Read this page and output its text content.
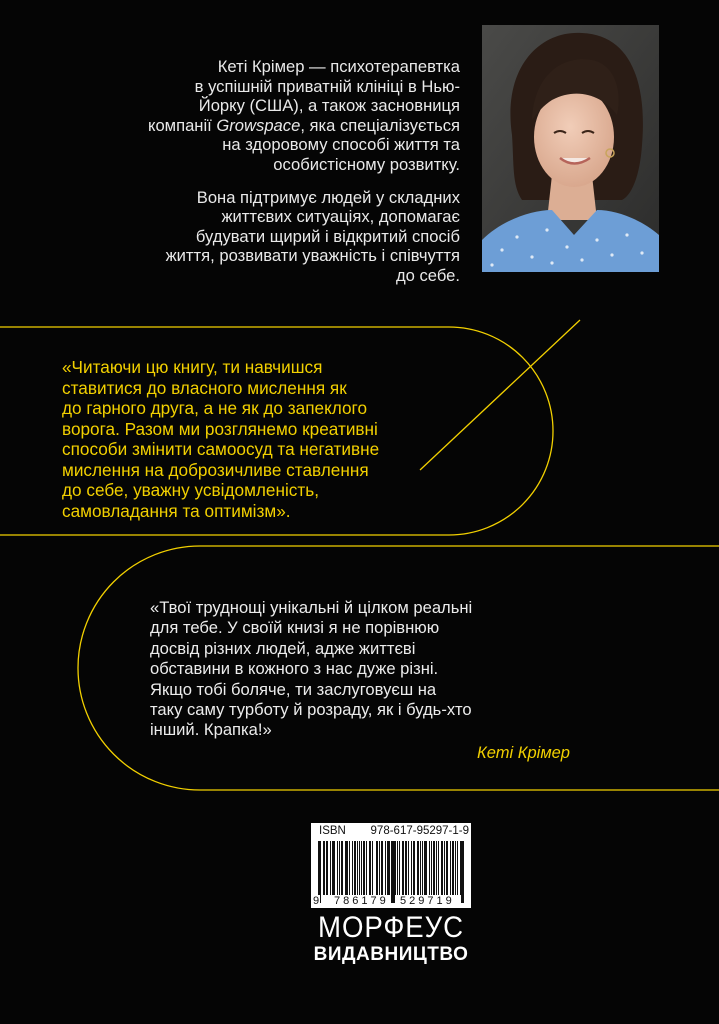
Кеті Крімер — психотерапевтка
в успішній приватній клініці в Нью-
Йорку (США), а також засновниця
компанії Growspace, яка спеціалізується
на здоровому способі життя та
особистісному розвитку.

Вона підтримує людей у складних
життєвих ситуаціях, допомагає
будувати щирий і відкритий спосіб
життя, розвивати уважність і співчуття
до себе.

«Читаючи цю книгу, ти навчишся
ставитися до власного мислення як
до гарного друга, а не як до запеклого
ворога. Разом ми розглянемо креативні
способи змінити самоосуд та негативне
мислення на доброзичливе ставлення
до себе, уважну усвідомленість,
самовладання та оптимізм».
«Твої труднощі унікальні й цілком реальні
для тебе. У своїй книзі я не порівнюю
досвід різних людей, адже життєві
обставини в кожного з нас дуже різні.
Якщо тобі боляче, ти заслуговуєш на
таку саму турботу й розраду, як і будь-хто
інший. Крапка!»
Кеті Крімер
ISBN 978-617-95297-1-9
9 786179 529719
МОРФЕУС
ВИДАВНИЦТВО
